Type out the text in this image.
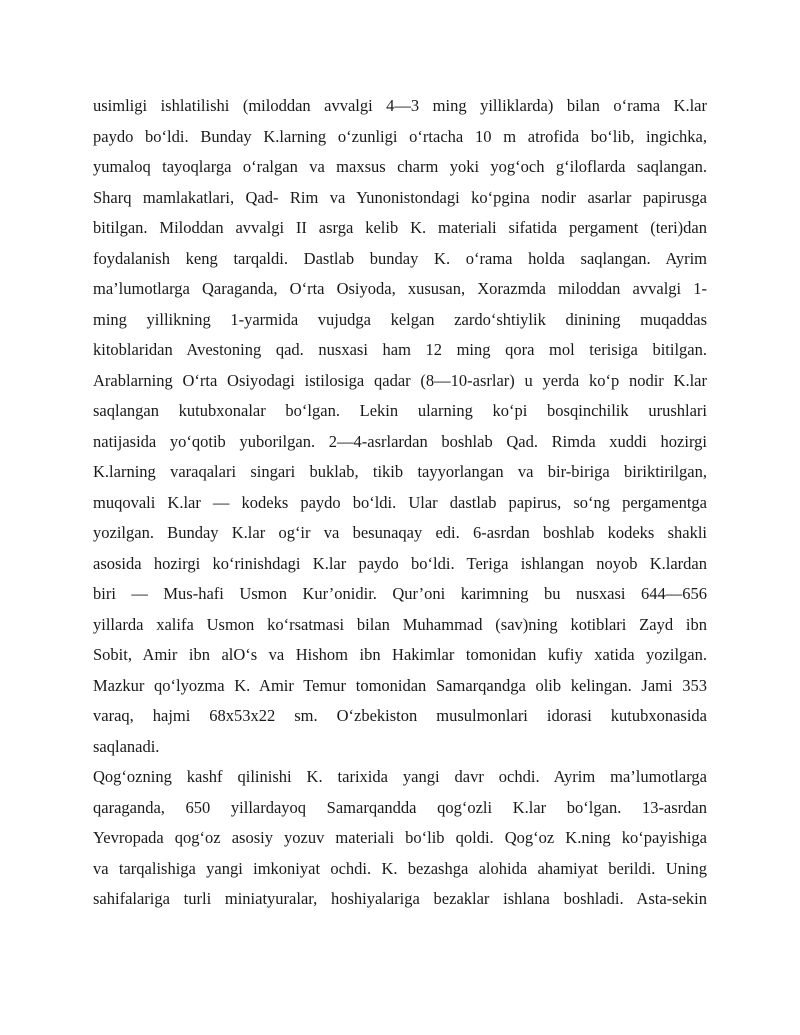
usimligi ishlatilishi (miloddan avvalgi 4—3 ming yilliklarda) bilan o‘rama K.lar
paydo bo‘ldi. Bunday K.larning o‘zunligi o‘rtacha 10 m atrofida bo‘lib, ingichka,
yumaloq tayoqlarga o‘ralgan va maxsus charm yoki yog‘och g‘iloflarda saqlangan.
Sharq mamlakatlari, Qad- Rim va Yunonistondagi ko‘pgina nodir asarlar papirusga
bitilgan. Miloddan avvalgi II asrga kelib K. materiali sifatida pergament (teri)dan
foydalanish keng tarqaldi. Dastlab bunday K. o‘rama holda saqlangan. Ayrim
ma’lumotlarga Qaraganda, O‘rta Osiyoda, xususan, Xorazmda miloddan avvalgi 1-
ming yillikning 1-yarmida vujudga kelgan zardo‘shtiylik dinining muqaddas
kitoblaridan Avestoning qad. nusxasi ham 12 ming qora mol terisiga bitilgan.
Arablarning O‘rta Osiyodagi istilosiga qadar (8—10-asrlar) u yerda ko‘p nodir K.lar
saqlangan kutubxonalar bo‘lgan. Lekin ularning ko‘pi bosqinchilik urushlari
natijasida yo‘qotib yuborilgan. 2—4-asrlardan boshlab Qad. Rimda xuddi hozirgi
K.larning varaqalari singari buklab, tikib tayyorlangan va bir-biriga biriktirilgan,
muqovali K.lar — kodeks paydo bo‘ldi. Ular dastlab papirus, so‘ng pergamentga
yozilgan. Bunday K.lar og‘ir va besunaqay edi. 6-asrdan boshlab kodeks shakli
asosida hozirgi ko‘rinishdagi K.lar paydo bo‘ldi. Teriga ishlangan noyob K.lardan
biri — Mus-hafi Usmon Kur’onidir. Qur’oni karimning bu nusxasi 644—656
yillarda xalifa Usmon ko‘rsatmasi bilan Muhammad (sav)ning kotiblari Zayd ibn
Sobit, Amir ibn alO‘s va Hishom ibn Hakimlar tomonidan kufiy xatida yozilgan.
Mazkur qo‘lyozma K. Amir Temur tomonidan Samarqandga olib kelingan. Jami 353
varaq, hajmi 68x53x22 sm. O‘zbekiston musulmonlari idorasi kutubxonasida
saqlanadi.
Qog‘ozning kashf qilinishi K. tarixida yangi davr ochdi. Ayrim ma’lumotlarga
qaraganda, 650 yillardayoq Samarqandda qog‘ozli K.lar bo‘lgan. 13-asrdan
Yevropada qog‘oz asosiy yozuv materiali bo‘lib qoldi. Qog‘oz K.ning ko‘payishiga
va tarqalishiga yangi imkoniyat ochdi. K. bezashga alohida ahamiyat berildi. Uning
sahifalariga turli miniatyuralar, hoshiyalariga bezaklar ishlana boshladi. Asta-sekin
